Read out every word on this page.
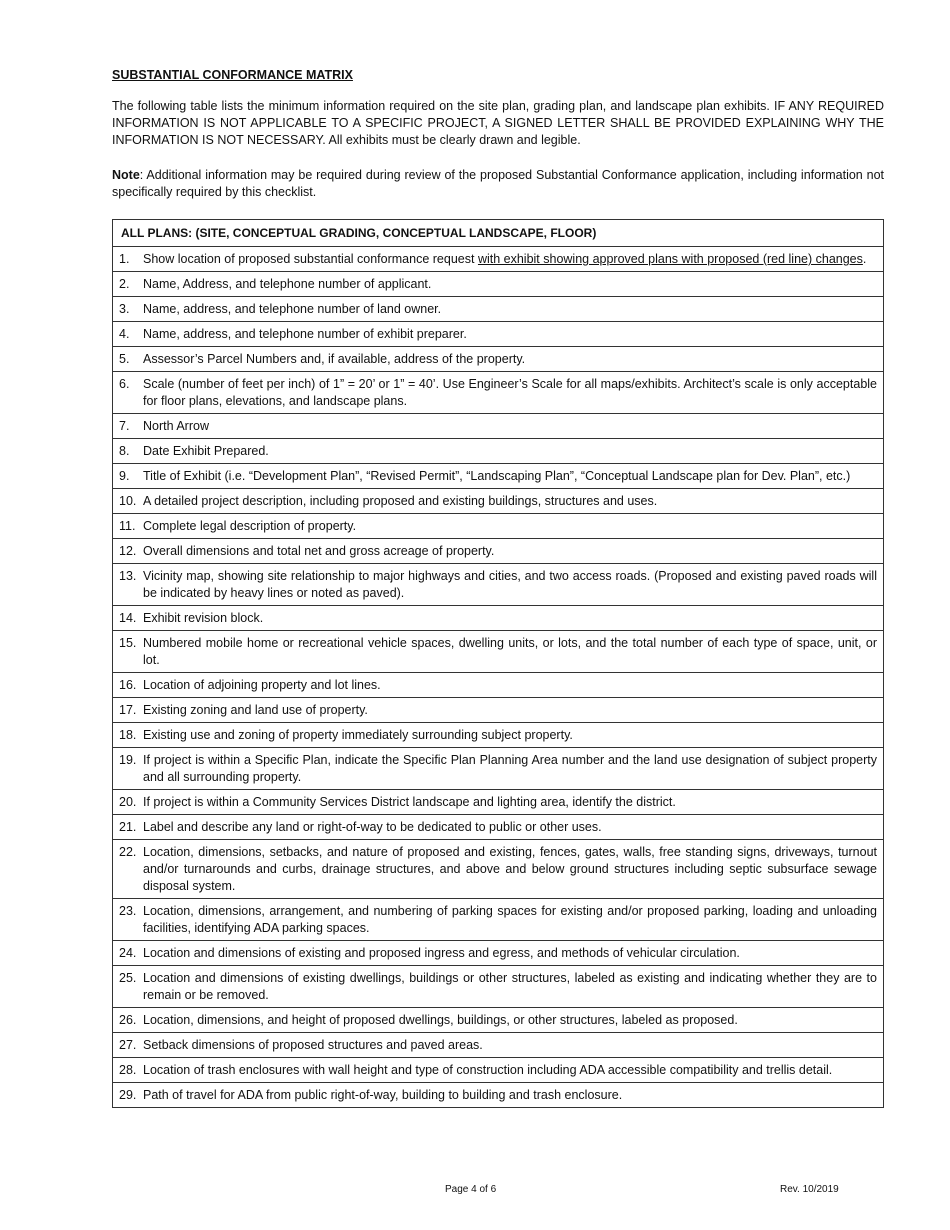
SUBSTANTIAL CONFORMANCE MATRIX

The following table lists the minimum information required on the site plan, grading plan, and landscape plan exhibits. IF ANY REQUIRED INFORMATION IS NOT APPLICABLE TO A SPECIFIC PROJECT, A SIGNED LETTER SHALL BE PROVIDED EXPLAINING WHY THE INFORMATION IS NOT NECESSARY. All exhibits must be clearly drawn and legible.

Note: Additional information may be required during review of the proposed Substantial Conformance application, including information not specifically required by this checklist.

ALL PLANS: (SITE, CONCEPTUAL GRADING, CONCEPTUAL LANDSCAPE, FLOOR)	
1.	Show location of proposed substantial conformance request with exhibit showing approved plans with proposed (red line) changes.
2.	Name, Address, and telephone number of applicant.
3.	Name, address, and telephone number of land owner.
4.	Name, address, and telephone number of exhibit preparer.
5.	Assessor’s Parcel Numbers and, if available, address of the property.
6.	Scale (number of feet per inch) of 1” = 20’ or 1” = 40’. Use Engineer’s Scale for all maps/exhibits. Architect’s scale is only acceptable for floor plans, elevations, and landscape plans.
7.	North Arrow
8.	Date Exhibit Prepared.
9.	Title of Exhibit (i.e. “Development Plan”, “Revised Permit”, “Landscaping Plan”, “Conceptual Landscape plan for Dev. Plan”, etc.)
10.	A detailed project description, including proposed and existing buildings, structures and uses.
11.	Complete legal description of property.
12.	Overall dimensions and total net and gross acreage of property.
13.	Vicinity map, showing site relationship to major highways and cities, and two access roads. (Proposed and existing paved roads will be indicated by heavy lines or noted as paved).
14.	Exhibit revision block.
15.	Numbered mobile home or recreational vehicle spaces, dwelling units, or lots, and the total number of each type of space, unit, or lot.
16.	Location of adjoining property and lot lines.
17.	Existing zoning and land use of property.
18.	Existing use and zoning of property immediately surrounding subject property.
19.	If project is within a Specific Plan, indicate the Specific Plan Planning Area number and the land use designation of subject property and all surrounding property.
20.	If project is within a Community Services District landscape and lighting area, identify the district.
21.	Label and describe any land or right-of-way to be dedicated to public or other uses.
22.	Location, dimensions, setbacks, and nature of proposed and existing, fences, gates, walls, free standing signs, driveways, turnout and/or turnarounds and curbs, drainage structures, and above and below ground structures including septic subsurface sewage disposal system.
23.	Location, dimensions, arrangement, and numbering of parking spaces for existing and/or proposed parking, loading and unloading facilities, identifying ADA parking spaces.
24.	Location and dimensions of existing and proposed ingress and egress, and methods of vehicular circulation.
25.	Location and dimensions of existing dwellings, buildings or other structures, labeled as existing and indicating whether they are to remain or be removed.
26.	Location, dimensions, and height of proposed dwellings, buildings, or other structures, labeled as proposed.
27.	Setback dimensions of proposed structures and paved areas.
28.	Location of trash enclosures with wall height and type of construction including ADA accessible compatibility and trellis detail.
29.	Path of travel for ADA from public right-of-way, building to building and trash enclosure.
Page 4 of 6	Rev. 10/2019
